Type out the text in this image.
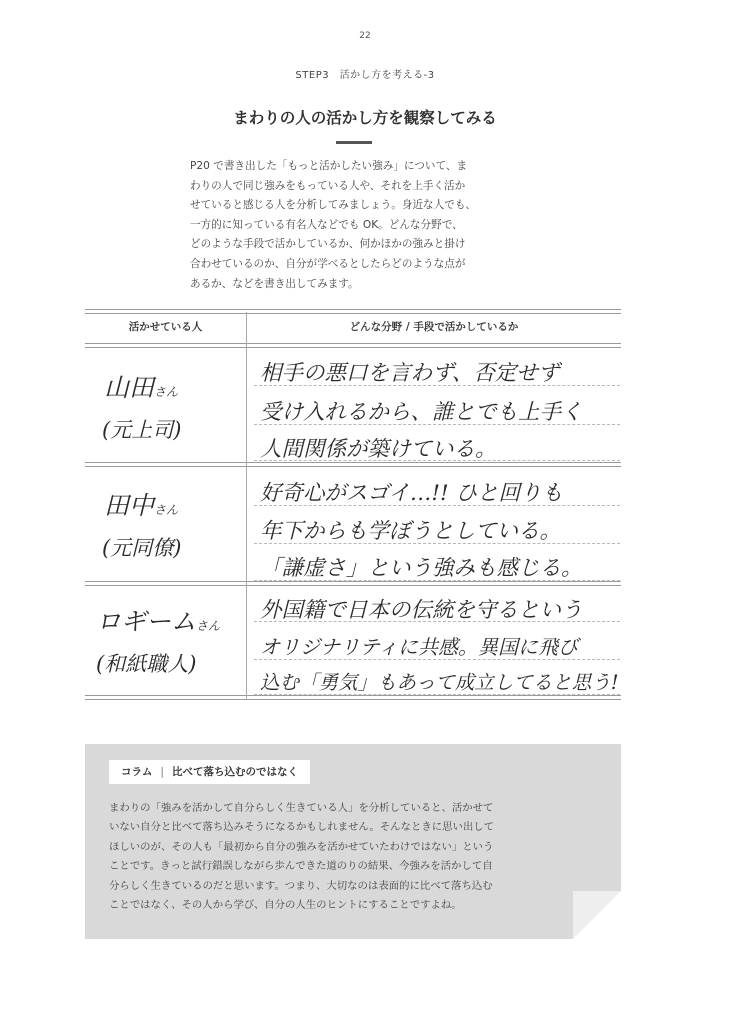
22
STEP3　活かし方を考える-3
まわりの人の活かし方を観察してみる
P20 で書き出した「もっと活かしたい強み」について、ま
わりの人で同じ強みをもっている人や、それを上手く活か
せていると感じる人を分析してみましょう。身近な人でも、
一方的に知っている有名人などでも OK。どんな分野で、
どのような手段で活かしているか、何かほかの強みと掛け
合わせているのか、自分が学べるとしたらどのような点が
あるか、などを書き出してみます。
活かせている人	どんな分野 / 手段で活かしているか
山田さん
(元上司)
相手の悪口を言わず、否定せず
受け入れるから、誰とでも上手く
人間関係が築けている。
田中さん
(元同僚)
好奇心がスゴイ…!! ひと回りも
年下からも学ぼうとしている。
「謙虚さ」という強みも感じる。
ロギームさん
(和紙職人)
外国籍で日本の伝統を守るという
オリジナリティに共感。異国に飛び
込む「勇気」もあって成立してると思う!
コラム | 比べて落ち込むのではなく
まわりの「強みを活かして自分らしく生きている人」を分析していると、活かせて
いない自分と比べて落ち込みそうになるかもしれません。そんなときに思い出して
ほしいのが、その人も「最初から自分の強みを活かせていたわけではない」という
ことです。きっと試行錯誤しながら歩んできた道のりの結果、今強みを活かして自
分らしく生きているのだと思います。つまり、大切なのは表面的に比べて落ち込む
ことではなく、その人から学び、自分の人生のヒントにすることですよね。
